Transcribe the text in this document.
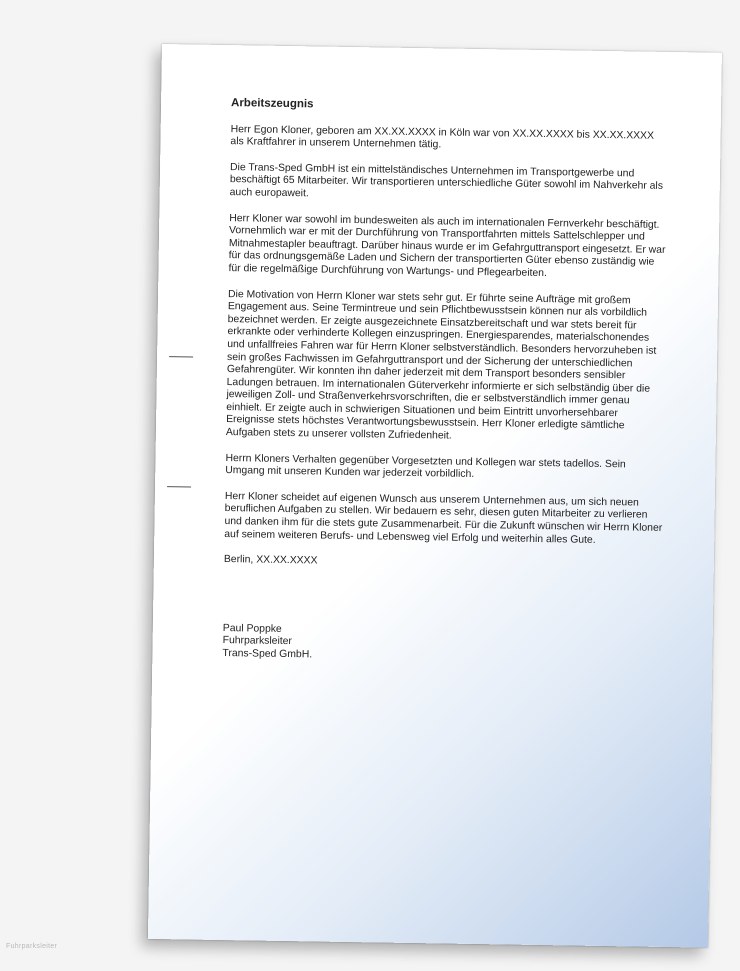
Arbeitszeugnis
Herr Egon Kloner, geboren am XX.XX.XXXX in Köln war von XX.XX.XXXX bis XX.XX.XXXX als Kraftfahrer in unserem Unternehmen tätig.
Die Trans-Sped GmbH ist ein mittelständisches Unternehmen im Transportgewerbe und beschäftigt 65 Mitarbeiter. Wir transportieren unterschiedliche Güter sowohl im Nahverkehr als auch europaweit.
Herr Kloner war sowohl im bundesweiten als auch im internationalen Fernverkehr beschäftigt. Vornehmlich war er mit der Durchführung von Transportfahrten mittels Sattelschlepper und Mitnahmestapler beauftragt. Darüber hinaus wurde er im Gefahrguttransport eingesetzt. Er war für das ordnungsgemäße Laden und Sichern der transportierten Güter ebenso zuständig wie für die regelmäßige Durchführung von Wartungs- und Pflegearbeiten.
Die Motivation von Herrn Kloner war stets sehr gut. Er führte seine Aufträge mit großem Engagement aus. Seine Termintreue und sein Pflichtbewusstsein können nur als vorbildlich bezeichnet werden. Er zeigte ausgezeichnete Einsatzbereitschaft und war stets bereit für erkrankte oder verhinderte Kollegen einzuspringen. Energiesparendes, materialschonendes und unfallfreies Fahren war für Herrn Kloner selbstverständlich. Besonders hervorzuheben ist sein großes Fachwissen im Gefahrguttransport und der Sicherung der unterschiedlichen Gefahrengüter. Wir konnten ihn daher jederzeit mit dem Transport besonders sensibler Ladungen betrauen. Im internationalen Güterverkehr informierte er sich selbständig über die jeweiligen Zoll- und Straßenverkehrsvorschriften, die er selbstverständlich immer genau einhielt. Er zeigte auch in schwierigen Situationen und beim Eintritt unvorhersehbarer Ereignisse stets höchstes Verantwortungsbewusstsein. Herr Kloner erledigte sämtliche Aufgaben stets zu unserer vollsten Zufriedenheit.
Herrn Kloners Verhalten gegenüber Vorgesetzten und Kollegen war stets tadellos. Sein Umgang mit unseren Kunden war jederzeit vorbildlich.
Herr Kloner scheidet auf eigenen Wunsch aus unserem Unternehmen aus, um sich neuen beruflichen Aufgaben zu stellen. Wir bedauern es sehr, diesen guten Mitarbeiter zu verlieren und danken ihm für die stets gute Zusammenarbeit. Für die Zukunft wünschen wir Herrn Kloner auf seinem weiteren Berufs- und Lebensweg viel Erfolg und weiterhin alles Gute.
Berlin, XX.XX.XXXX
Paul Poppke
Fuhrparksleiter
Trans-Sped GmbH.
Fuhrparksleiter
